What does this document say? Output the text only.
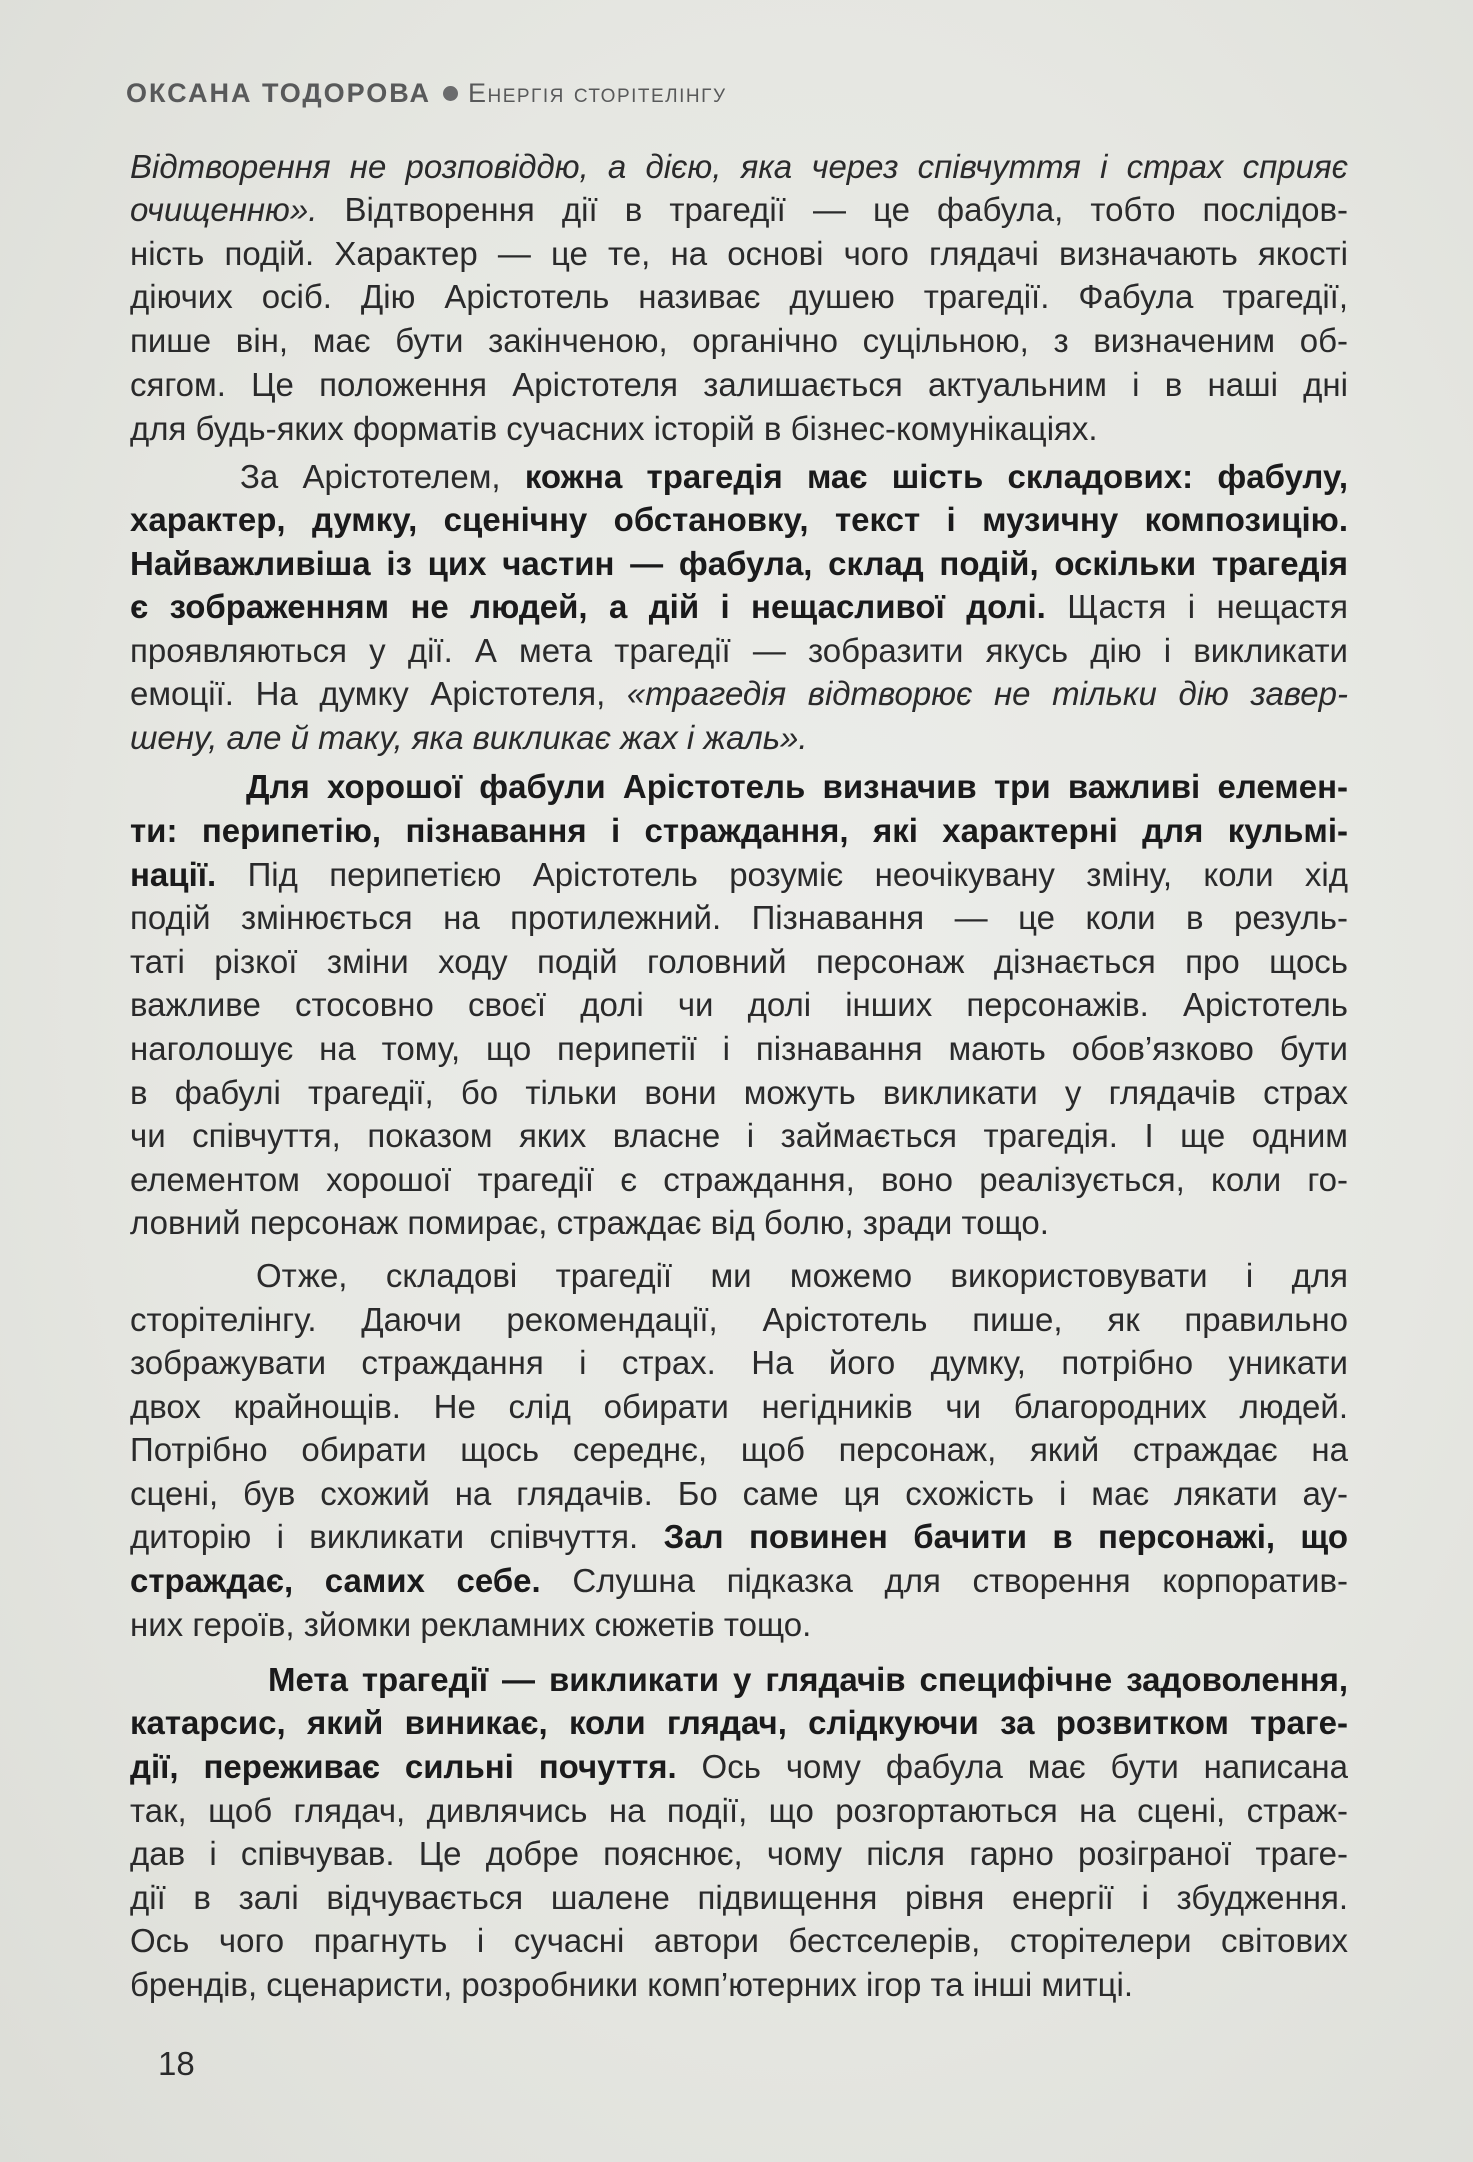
ОКСАНА ТОДОРОВА Енергія сторітелінгу
Відтворення не розповіддю, а дією, яка через співчуття і страх сприяє
очищенню». Відтворення дії в трагедії — це фабула, тобто послідов-
ність подій. Характер — це те, на основі чого глядачі визначають якості
діючих осіб. Дію Арістотель називає душею трагедії. Фабула трагедії,
пише він, має бути закінченою, органічно суцільною, з визначеним об-
сягом. Це положення Арістотеля залишається актуальним і в наші дні
для будь-яких форматів сучасних історій в бізнес-комунікаціях.
За Арістотелем, кожна трагедія має шість складових: фабулу,
характер, думку, сценічну обстановку, текст і музичну композицію.
Найважливіша із цих частин — фабула, склад подій, оскільки трагедія
є зображенням не людей, а дій і нещасливої долі. Щастя і нещастя
проявляються у дії. А мета трагедії — зобразити якусь дію і викликати
емоції. На думку Арістотеля, «трагедія відтворює не тільки дію завер-
шену, але й таку, яка викликає жах і жаль».
Для хорошої фабули Арістотель визначив три важливі елемен-
ти: перипетію, пізнавання і страждання, які характерні для кульмі-
нації. Під перипетією Арістотель розуміє неочікувану зміну, коли хід
подій змінюється на протилежний. Пізнавання — це коли в резуль-
таті різкої зміни ходу подій головний персонаж дізнається про щось
важливе стосовно своєї долі чи долі інших персонажів. Арістотель
наголошує на тому, що перипетії і пізнавання мають обов’язково бути
в фабулі трагедії, бо тільки вони можуть викликати у глядачів страх
чи співчуття, показом яких власне і займається трагедія. І ще одним
елементом хорошої трагедії є страждання, воно реалізується, коли го-
ловний персонаж помирає, страждає від болю, зради тощо.
Отже, складові трагедії ми можемо використовувати і для
сторітелінгу. Даючи рекомендації, Арістотель пише, як правильно
зображувати страждання і страх. На його думку, потрібно уникати
двох крайнощів. Не слід обирати негідників чи благородних людей.
Потрібно обирати щось середнє, щоб персонаж, який страждає на
сцені, був схожий на глядачів. Бо саме ця схожість і має лякати ау-
диторію і викликати співчуття. Зал повинен бачити в персонажі, що
страждає, самих себе. Слушна підказка для створення корпоратив-
них героїв, зйомки рекламних сюжетів тощо.
Мета трагедії — викликати у глядачів специфічне задоволення,
катарсис, який виникає, коли глядач, слідкуючи за розвитком траге-
дії, переживає сильні почуття. Ось чому фабула має бути написана
так, щоб глядач, дивлячись на події, що розгортаються на сцені, страж-
дав і співчував. Це добре пояснює, чому після гарно розіграної траге-
дії в залі відчувається шалене підвищення рівня енергії і збудження.
Ось чого прагнуть і сучасні автори бестселерів, сторітелери світових
брендів, сценаристи, розробники комп’ютерних ігор та інші митці.
18
